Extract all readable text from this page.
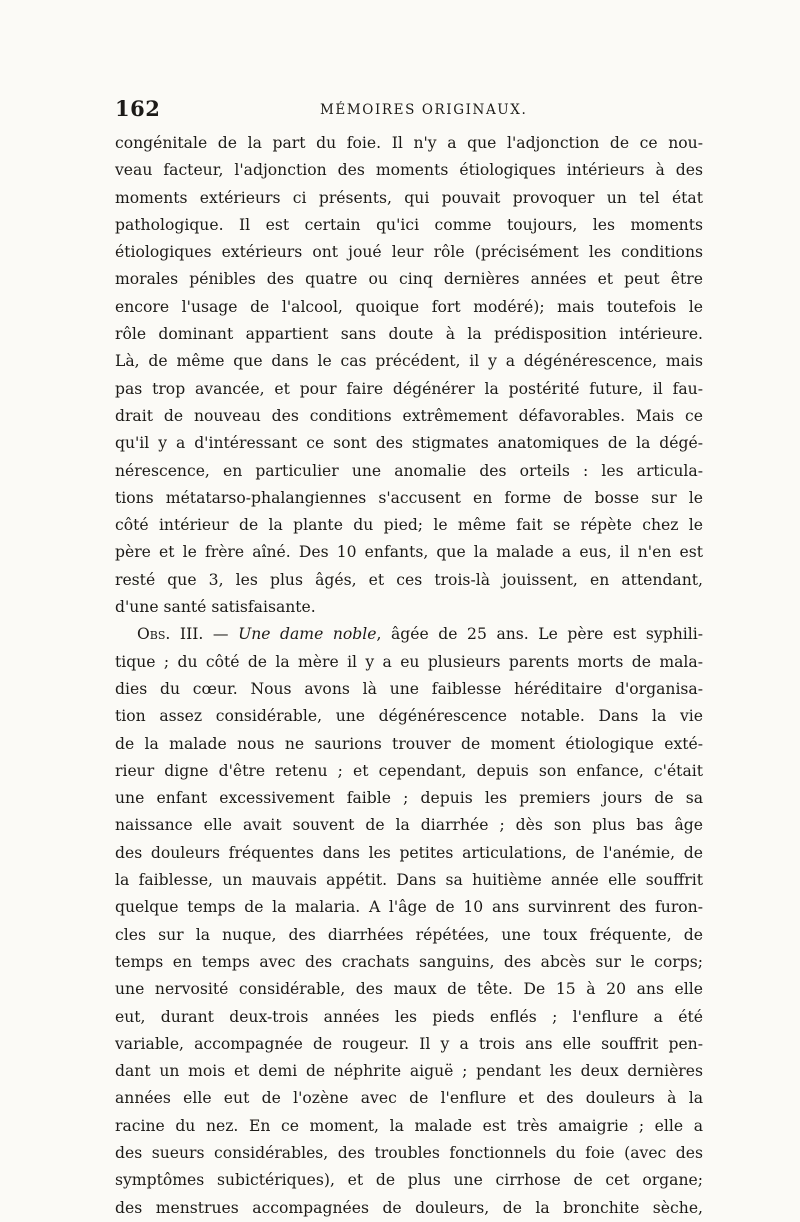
162	MÉMOIRES ORIGINAUX.
congénitale de la part du foie. Il n'y a que l'adjonction de ce nou-
veau facteur, l'adjonction des moments étiologiques intérieurs à des
moments extérieurs ci présents, qui pouvait provoquer un tel état
pathologique. Il est certain qu'ici comme toujours, les moments
étiologiques extérieurs ont joué leur rôle (précisément les conditions
morales pénibles des quatre ou cinq dernières années et peut être
encore l'usage de l'alcool, quoique fort modéré); mais toutefois le
rôle dominant appartient sans doute à la prédisposition intérieure.
Là, de même que dans le cas précédent, il y a dégénérescence, mais
pas trop avancée, et pour faire dégénérer la postérité future, il fau-
drait de nouveau des conditions extrêmement défavorables. Mais ce
qu'il y a d'intéressant ce sont des stigmates anatomiques de la dégé-
nérescence, en particulier une anomalie des orteils : les articula-
tions métatarso-phalangiennes s'accusent en forme de bosse sur le
côté intérieur de la plante du pied; le même fait se répète chez le
père et le frère aîné. Des 10 enfants, que la malade a eus, il n'en est
resté que 3, les plus âgés, et ces trois-là jouissent, en attendant,
d'une santé satisfaisante.
Obs. III. — Une dame noble, âgée de 25 ans. Le père est syphili-
tique ; du côté de la mère il y a eu plusieurs parents morts de mala-
dies du cœur. Nous avons là une faiblesse héréditaire d'organisa-
tion assez considérable, une dégénérescence notable. Dans la vie
de la malade nous ne saurions trouver de moment étiologique exté-
rieur digne d'être retenu ; et cependant, depuis son enfance, c'était
une enfant excessivement faible ; depuis les premiers jours de sa
naissance elle avait souvent de la diarrhée ; dès son plus bas âge
des douleurs fréquentes dans les petites articulations, de l'anémie, de
la faiblesse, un mauvais appétit. Dans sa huitième année elle souffrit
quelque temps de la malaria. A l'âge de 10 ans survinrent des furon-
cles sur la nuque, des diarrhées répétées, une toux fréquente, de
temps en temps avec des crachats sanguins, des abcès sur le corps;
une nervosité considérable, des maux de tête. De 15 à 20 ans elle
eut, durant deux-trois années les pieds enflés ; l'enflure a été
variable, accompagnée de rougeur. Il y a trois ans elle souffrit pen-
dant un mois et demi de néphrite aiguë ; pendant les deux dernières
années elle eut de l'ozène avec de l'enflure et des douleurs à la
racine du nez. En ce moment, la malade est très amaigrie ; elle a
des sueurs considérables, des troubles fonctionnels du foie (avec des
symptômes subictériques), et de plus une cirrhose de cet organe;
des menstrues accompagnées de douleurs, de la bronchite sèche,
